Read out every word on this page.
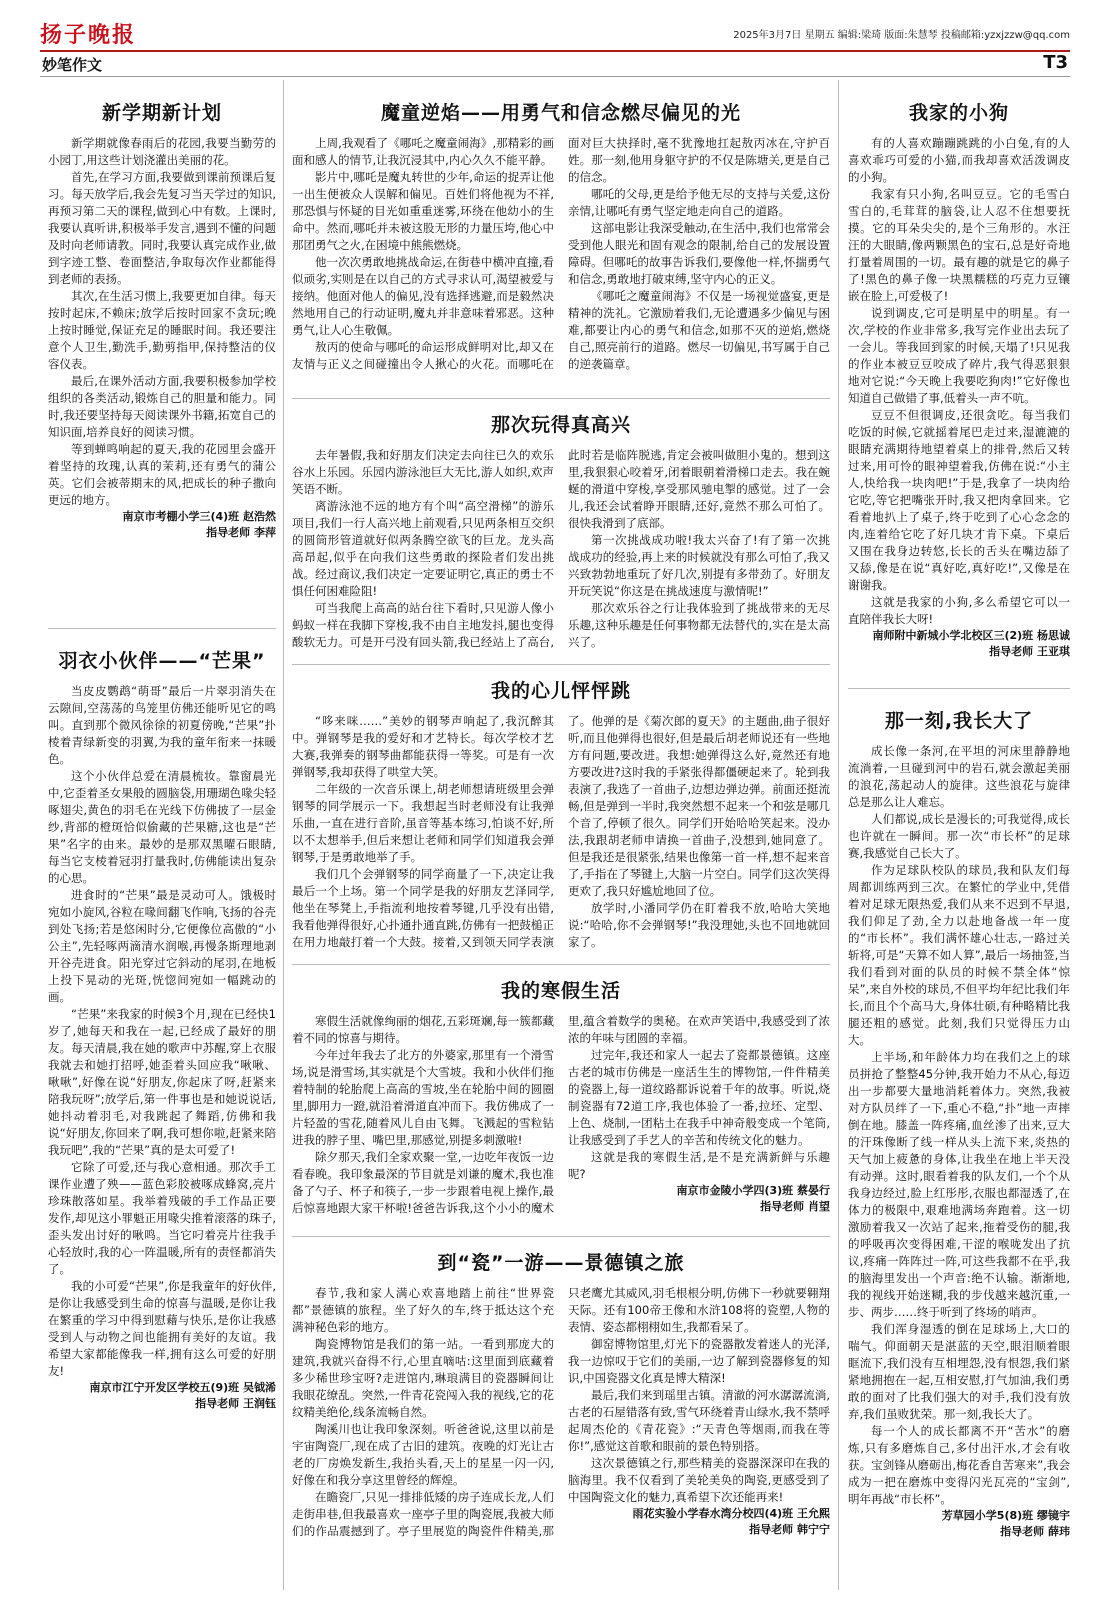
扬子晚报	2025年3月7日 星期五 编辑:梁琦 版面:朱慧琴 投稿邮箱:yzxjzzw@qq.com
妙笔作文	T3
新学期新计划

新学期就像春雨后的花园,我要当勤劳的小园丁,用这些计划浇灌出美丽的花。

首先,在学习方面,我要做到课前预课后复习。每天放学后,我会先复习当天学过的知识,再预习第二天的课程,做到心中有数。上课时,我要认真听讲,积极举手发言,遇到不懂的问题及时向老师请教。同时,我要认真完成作业,做到字迹工整、卷面整洁,争取每次作业都能得到老师的表扬。

其次,在生活习惯上,我要更加自律。每天按时起床,不赖床;放学后按时回家不贪玩;晚上按时睡觉,保证充足的睡眠时间。我还要注意个人卫生,勤洗手,勤剪指甲,保持整洁的仪容仪表。

最后,在课外活动方面,我要积极参加学校组织的各类活动,锻炼自己的胆量和能力。同时,我还要坚持每天阅读课外书籍,拓宽自己的知识面,培养良好的阅读习惯。

等到蝉鸣响起的夏天,我的花园里会盛开着坚持的玫瑰,认真的茉莉,还有勇气的蒲公英。它们会被蒂期末的风,把成长的种子撒向更远的地方。

南京市考棚小学三(4)班 赵浩然

指导老师 李萍

羽衣小伙伴——“芒果”

当皮皮鹦鹉“萌哥”最后一片翠羽消失在云隙间,空荡荡的鸟笼里仿佛还能听见它的鸣叫。直到那个微风徐徐的初夏傍晚,“芒果”扑棱着青绿新变的羽翼,为我的童年衔来一抹暖色。

这个小伙伴总爱在清晨梳妆。靠窗晨光中,它歪着圣女果般的圆脑袋,用珊瑚色喙尖轻啄翅尖,黄色的羽毛在光线下仿佛披了一层金纱,背部的橙斑恰似偷藏的芒果糖,这也是“芒果”名字的由来。最妙的是那双黑曜石眼睛,每当它支棱着冠羽打量我时,仿佛能读出复杂的心思。

进食时的“芒果”最是灵动可人。饿极时宛如小旋风,谷粒在喙间翻飞作响,飞扬的谷壳到处飞扬;若是悠闲时分,它便像位高傲的“小公主”,先轻啄两滴清水润喉,再慢条斯理地剥开谷壳进食。阳光穿过它斜动的尾羽,在地板上投下晃动的光斑,恍惚间宛如一幅跳动的画。

“芒果”来我家的时候3个月,现在已经快1岁了,她每天和我在一起,已经成了最好的朋友。每天清晨,我在她的歌声中苏醒,穿上衣服我就去和她打招呼,她歪着头回应我“啾啾、啾啾”,好像在说“好朋友,你起床了呀,赶紧来陪我玩呀”;放学后,第一件事也是和她说说话,她抖动着羽毛,对我跳起了舞蹈,仿佛和我说“好朋友,你回来了啊,我可想你啦,赶紧来陪我玩吧”,我的“芒果”真的是太可爱了!

它除了可爱,还与我心意相通。那次手工课作业遭了殃——蓝色彩胶被啄成蜂窝,亮片珍珠散落如星。我举着残破的手工作品正要发作,却见这小罪魁正用喙尖推着滚落的珠子,歪头发出讨好的啾鸣。当它叼着亮片往我手心轻放时,我的心一阵温暖,所有的责怪都消失了。

我的小可爱“芒果”,你是我童年的好伙伴,是你让我感受到生命的惊喜与温暖,是你让我在繁重的学习中得到慰藉与快乐,是你让我感受到人与动物之间也能拥有美好的友谊。我希望大家都能像我一样,拥有这么可爱的好朋友!

南京市江宁开发区学校五(9)班 吴钺浠

指导老师 王润钰

魔童逆焰——用勇气和信念燃尽偏见的光

上周,我观看了《哪吒之魔童闹海》,那精彩的画面和感人的情节,让我沉浸其中,内心久久不能平静。

影片中,哪吒是魔丸转世的少年,命运的捉弄让他一出生便被众人误解和偏见。百姓们将他视为不祥,那恐惧与怀疑的目光如重重迷雾,环绕在他幼小的生命中。然而,哪吒并未被这股无形的力量压垮,他心中那团勇气之火,在困境中熊熊燃烧。

他一次次勇敢地挑战命运,在街巷中横冲直撞,看似顽劣,实则是在以自己的方式寻求认可,渴望被爱与接纳。他面对他人的偏见,没有选择逃避,而是毅然决然地用自己的行动证明,魔丸并非意味着邪恶。这种勇气,让人心生敬佩。

敖丙的使命与哪吒的命运形成鲜明对比,却又在友情与正义之间碰撞出令人揪心的火花。而哪吒在面对巨大抉择时,毫不犹豫地扛起敖丙冰在,守护百姓。那一刻,他用身躯守护的不仅是陈塘关,更是自己的信念。

哪吒的父母,更是给予他无尽的支持与关爱,这份亲情,让哪吒有勇气坚定地走向自己的道路。

这部电影让我深受触动,在生活中,我们也常常会受到他人眼光和固有观念的限制,给自己的发展设置障碍。但哪吒的故事告诉我们,要像他一样,怀揣勇气和信念,勇敢地打破束缚,坚守内心的正义。

《哪吒之魔童闹海》不仅是一场视觉盛宴,更是精神的洗礼。它激励着我们,无论遭遇多少偏见与困难,都要让内心的勇气和信念,如那不灭的逆焰,燃烧自己,照亮前行的道路。燃尽一切偏见,书写属于自己的逆袭篇章。

那次玩得真高兴

去年暑假,我和好朋友们决定去向往已久的欢乐谷水上乐园。乐园内游泳池巨大无比,游人如织,欢声笑语不断。

离游泳池不远的地方有个叫“高空滑梯”的游乐项目,我们一行人高兴地上前观看,只见两条相互交织的圆筒形管道就好似两条腾空欲飞的巨龙。龙头高高昂起,似乎在向我们这些勇敢的探险者们发出挑战。经过商议,我们决定一定要证明它,真正的勇士不惧任何困难险阻!

可当我爬上高高的站台往下看时,只见游人像小蚂蚁一样在我脚下穿梭,我不由自主地发抖,腿也变得酸软无力。可是开弓没有回头箭,我已经站上了高台,此时若是临阵脱逃,肯定会被叫做胆小鬼的。想到这里,我狠狠心咬着牙,闭着眼朝着滑梯口走去。我在蜿蜒的滑道中穿梭,享受那风驰电掣的感觉。过了一会儿,我还会试着睁开眼睛,还好,竟然不那么可怕了。很快我滑到了底部。

第一次挑战成功啦!我太兴奋了!有了第一次挑战成功的经验,再上来的时候就没有那么可怕了,我又兴致勃勃地重玩了好几次,别提有多带劲了。好朋友开玩笑说“你这是在挑战速度与激情呢!”

那次欢乐谷之行让我体验到了挑战带来的无尽乐趣,这种乐趣是任何事物都无法替代的,实在是太高兴了。

我的心儿怦怦跳

“哆来咪……”美妙的钢琴声响起了,我沉醉其中。弹钢琴是我的爱好和才艺特长。每次学校才艺大赛,我弹奏的钢琴曲都能获得一等奖。可是有一次弹钢琴,我却获得了哄堂大笑。

二年级的一次音乐课上,胡老师想请班级里会弹钢琴的同学展示一下。我想起当时老师没有让我弹乐曲,一直在进行音阶,虽音等基本练习,怕谈不好,所以不太想举手,但后来想让老师和同学们知道我会弹钢琴,于是勇敢地举了手。

我们几个会弹钢琴的同学商量了一下,决定让我最后一个上场。第一个同学是我的好朋友艺泽同学,他坐在琴凳上,手指流利地按着琴键,几乎没有出错,我看他弹得很好,心扑通扑通直跳,仿佛有一把鼓槌正在用力地敲打着一个大鼓。接着,又到领天同学表演了。他弹的是《菊次郎的夏天》的主题曲,曲子很好听,而且他弹得也很好,但是最后胡老师说还有一些地方有问题,要改进。我想:她弹得这么好,竟然还有地方要改进?这时我的手紧张得都僵硬起来了。轮到我表演了,我选了一首曲子,边想边弹边弹。前面还挺流畅,但是弹到一半时,我突然想不起来一个和弦是哪几个音了,停顿了很久。同学们开始哈哈笑起来。没办法,我跟胡老师申请换一首曲子,没想到,她同意了。但是我还是很紧张,结果也像第一首一样,想不起来音了,手指在了琴键上,大脑一片空白。同学们这次笑得更欢了,我只好尴尬地回了位。

放学时,小潘同学仍在盯着我不放,哈哈大笑地说:“哈哈,你不会弹钢琴!”我没理她,头也不回地就回家了。

我的寒假生活

寒假生活就像绚丽的烟花,五彩斑斓,每一簇都藏着不同的惊喜与期待。

今年过年我去了北方的外婆家,那里有一个滑雪场,说是滑雪场,其实就是个大雪坡。我和小伙伴们拖着特制的轮胎爬上高高的雪坡,坐在轮胎中间的圆圈里,脚用力一蹬,就沿着滑道直冲而下。我仿佛成了一片轻盈的雪花,随着风儿自由飞舞。飞溅起的雪粒钻进我的脖子里、嘴巴里,那感觉,别提多刺激啦!

除夕那天,我们全家欢聚一堂,一边吃年夜饭一边看春晚。我印象最深的节目就是刘谦的魔术,我也准备了勺子、杯子和筷子,一步一步跟着电视上操作,最后惊喜地跟大家干杯啦!爸爸告诉我,这个小小的魔术里,蕴含着数学的奥秘。在欢声笑语中,我感受到了浓浓的年味与团圆的幸福。

过完年,我还和家人一起去了瓷都景德镇。这座古老的城市仿佛是一座活生生的博物馆,一件件精美的瓷器上,每一道纹路都诉说着千年的故事。听说,烧制瓷器有72道工序,我也体验了一番,拉坯、定型、上色、烧制,一团粘土在我手中神奇般变成一个笔筒,让我感受到了手艺人的辛苦和传统文化的魅力。

这就是我的寒假生活,是不是充满新鲜与乐趣呢?

南京市金陵小学四(3)班 蔡晏行

指导老师 肖望

到“瓷”一游——景德镇之旅

春节,我和家人满心欢喜地踏上前往“世界瓷都”景德镇的旅程。坐了好久的车,终于抵达这个充满神秘色彩的地方。

陶瓷博物馆是我们的第一站。一看到那庞大的建筑,我就兴奋得不行,心里直嘀咕:这里面到底藏着多少稀世珍宝呀?走进馆内,琳琅满目的瓷器瞬间让我眼花缭乱。突然,一件青花瓷闯入我的视线,它的花纹精美绝伦,线条流畅自然。

陶溪川也让我印象深刻。听爸爸说,这里以前是宇宙陶瓷厂,现在成了古旧的建筑。夜晚的灯光让古老的厂房焕发新生,我抬头看,天上的星星一闪一闪,好像在和我分享这里曾经的辉煌。

在瞻瓷厂,只见一排排低矮的房子连成长龙,人们走街串巷,但我最喜欢一座亭子里的陶瓷展,我被大师们的作品震撼到了。亭子里展览的陶瓷件件精美,那只老鹰尤其威风,羽毛根根分明,仿佛下一秒就要翱翔天际。还有100帝王像和水浒108将的瓷塑,人物的表情、姿态都栩栩如生,我都看呆了。

御窑博物馆里,灯光下的瓷器散发着迷人的光泽,我一边惊叹于它们的美丽,一边了解到瓷器修复的知识,中国瓷器文化真是博大精深!

最后,我们来到瑶里古镇。清澈的河水潺潺流淌,古老的石屋错落有致,雪气环绕着青山绿水,我不禁呼起周杰伦的《青花瓷》:“天青色等烟雨,而我在等你!”,感觉这首歌和眼前的景色特别搭。

这次景德镇之行,那些精美的瓷器深深印在我的脑海里。我不仅看到了美轮美奂的陶瓷,更感受到了中国陶瓷文化的魅力,真希望下次还能再来!

雨花实验小学春水湾分校四(4)班 王允熙

指导老师 韩宁宁

我家的小狗

有的人喜欢蹦蹦跳跳的小白兔,有的人喜欢乖巧可爱的小猫,而我却喜欢活泼调皮的小狗。

我家有只小狗,名叫豆豆。它的毛雪白雪白的,毛茸茸的脑袋,让人忍不住想要抚摸。它的耳朵尖尖的,是个三角形的。水汪汪的大眼睛,像两颗黑色的宝石,总是好奇地打量着周围的一切。最有趣的就是它的鼻子了!黑色的鼻子像一块黑糯糕的巧克力豆镶嵌在脸上,可爱极了!

说到调皮,它可是明星中的明星。有一次,学校的作业非常多,我写完作业出去玩了一会儿。等我回到家的时候,天塌了!只见我的作业本被豆豆咬成了碎片,我气得恶狠狠地对它说:“今天晚上我要吃狗肉!”它好像也知道自己做错了事,低着头一声不吭。

豆豆不但很调皮,还很贪吃。每当我们吃饭的时候,它就摇着尾巴走过来,湿漉漉的眼睛充满期待地望着桌上的排骨,然后又转过来,用可怜的眼神望着我,仿佛在说:“小主人,快给我一块肉吧!”于是,我拿了一块肉给它吃,等它把嘴张开时,我又把肉拿回来。它看着地扒上了桌子,终于吃到了心心念念的肉,连着给它吃了好几块才肯下桌。下桌后又围在我身边转悠,长长的舌头在嘴边舔了又舔,像是在说“真好吃,真好吃!”,又像是在谢谢我。

这就是我家的小狗,多么希望它可以一直陪伴我长大呀!

南师附中新城小学北校区三(2)班 杨思诚

指导老师 王亚琪

那一刻,我长大了

成长像一条河,在平坦的河床里静静地流淌着,一旦碰到河中的岩石,就会激起美丽的浪花,荡起动人的旋律。这些浪花与旋律总是那么让人难忘。

人们都说,成长是漫长的;可我觉得,成长也许就在一瞬间。那一次“市长杯”的足球赛,我感觉自己长大了。

作为足球队校队的球员,我和队友们每周都训练两到三次。在繁忙的学业中,凭借着对足球无限热爱,我们从来不迟到不早退,我们仰足了劲,全力以赴地备战一年一度的“市长杯”。我们满怀雄心壮志,一路过关斩将,可是“天算不如人算”,最后一场抽签,当我们看到对面的队员的时候不禁全体“惊呆”,来自外校的球员,不但平均年纪比我们年长,而且个个高马大,身体壮硕,有种略精比我腿还粗的感觉。此刻,我们只觉得压力山大。

上半场,和年龄体力均在我们之上的球员拼抢了整整45分钟,我开始力不从心,每迈出一步都要大量地消耗着体力。突然,我被对方队员绊了一下,重心不稳,“扑”地一声摔倒在地。膝盖一阵疼痛,血丝渗了出来,豆大的汗珠像断了线一样从头上流下来,炎热的天气加上疲惫的身体,让我坐在地上半天没有动弹。这时,眼看着我的队友们,一个个从我身边经过,脸上红彤彤,衣服也都湿透了,在体力的极限中,艰难地满场奔跑着。这一切激励着我又一次站了起来,拖着受伤的腿,我的呼吸再次变得困难,干涩的喉咙发出了抗议,疼痛一阵阵过一阵,可这些我都不在乎,我的脑海里发出一个声音:绝不认输。渐渐地,我的视线开始迷糊,我的步伐越来越沉重,一步、两步……终于听到了终场的哨声。

我们浑身湿透的倒在足球场上,大口的喘气。仰面朝天是湛蓝的天空,眼泪顺着眼眶流下,我们没有互相埋怨,没有恨怨,我们紧紧地拥抱在一起,互相安慰,打气加油,我们勇敢的面对了比我们强大的对手,我们没有放弃,我们虽败犹荣。那一刻,我长大了。

每一个人的成长都离不开“苦水”的磨炼,只有多磨炼自己,多付出汗水,才会有收获。宝剑锋从磨砺出,梅花香自苦寒来”,我会成为一把在磨炼中变得闪光瓦亮的“宝剑”,明年再战“市长杯”。

芳草园小学5(8)班 缪镜宇

指导老师 薛玮
